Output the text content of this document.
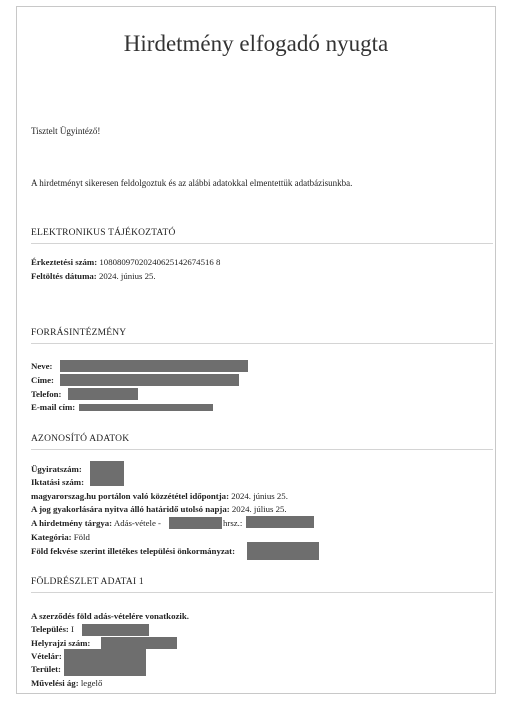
Hirdetmény elfogadó nyugta
Tisztelt Ügyintéző!
A hirdetményt sikeresen feldolgoztuk és az alábbi adatokkal elmentettük adatbázisunkba.
ELEKTRONIKUS TÁJÉKOZTATÓ
Érkeztetési szám: 10808097020240625142674516 8
Feltöltés dátuma: 2024. június 25.
FORRÁSINTÉZMÉNY
Neve:
Címe:
Telefon:
E-mail cím:
AZONOSÍTÓ ADATOK
Ügyiratszám:
Iktatási szám:
magyarorszag.hu portálon való közzététel időpontja: 2024. június 25.
A jog gyakorlására nyitva álló határidő utolsó napja: 2024. július 25.
A hirdetmény tárgya: Adás-vétele -	hrsz.:
Kategória: Föld
Föld fekvése szerint illetékes települési önkormányzat:
FÖLDRÉSZLET ADATAI 1
A szerződés föld adás-vételére vonatkozik.
Település: I
Helyrajzi szám:
Vételár:
Terület:
Művelési ág: legelő
